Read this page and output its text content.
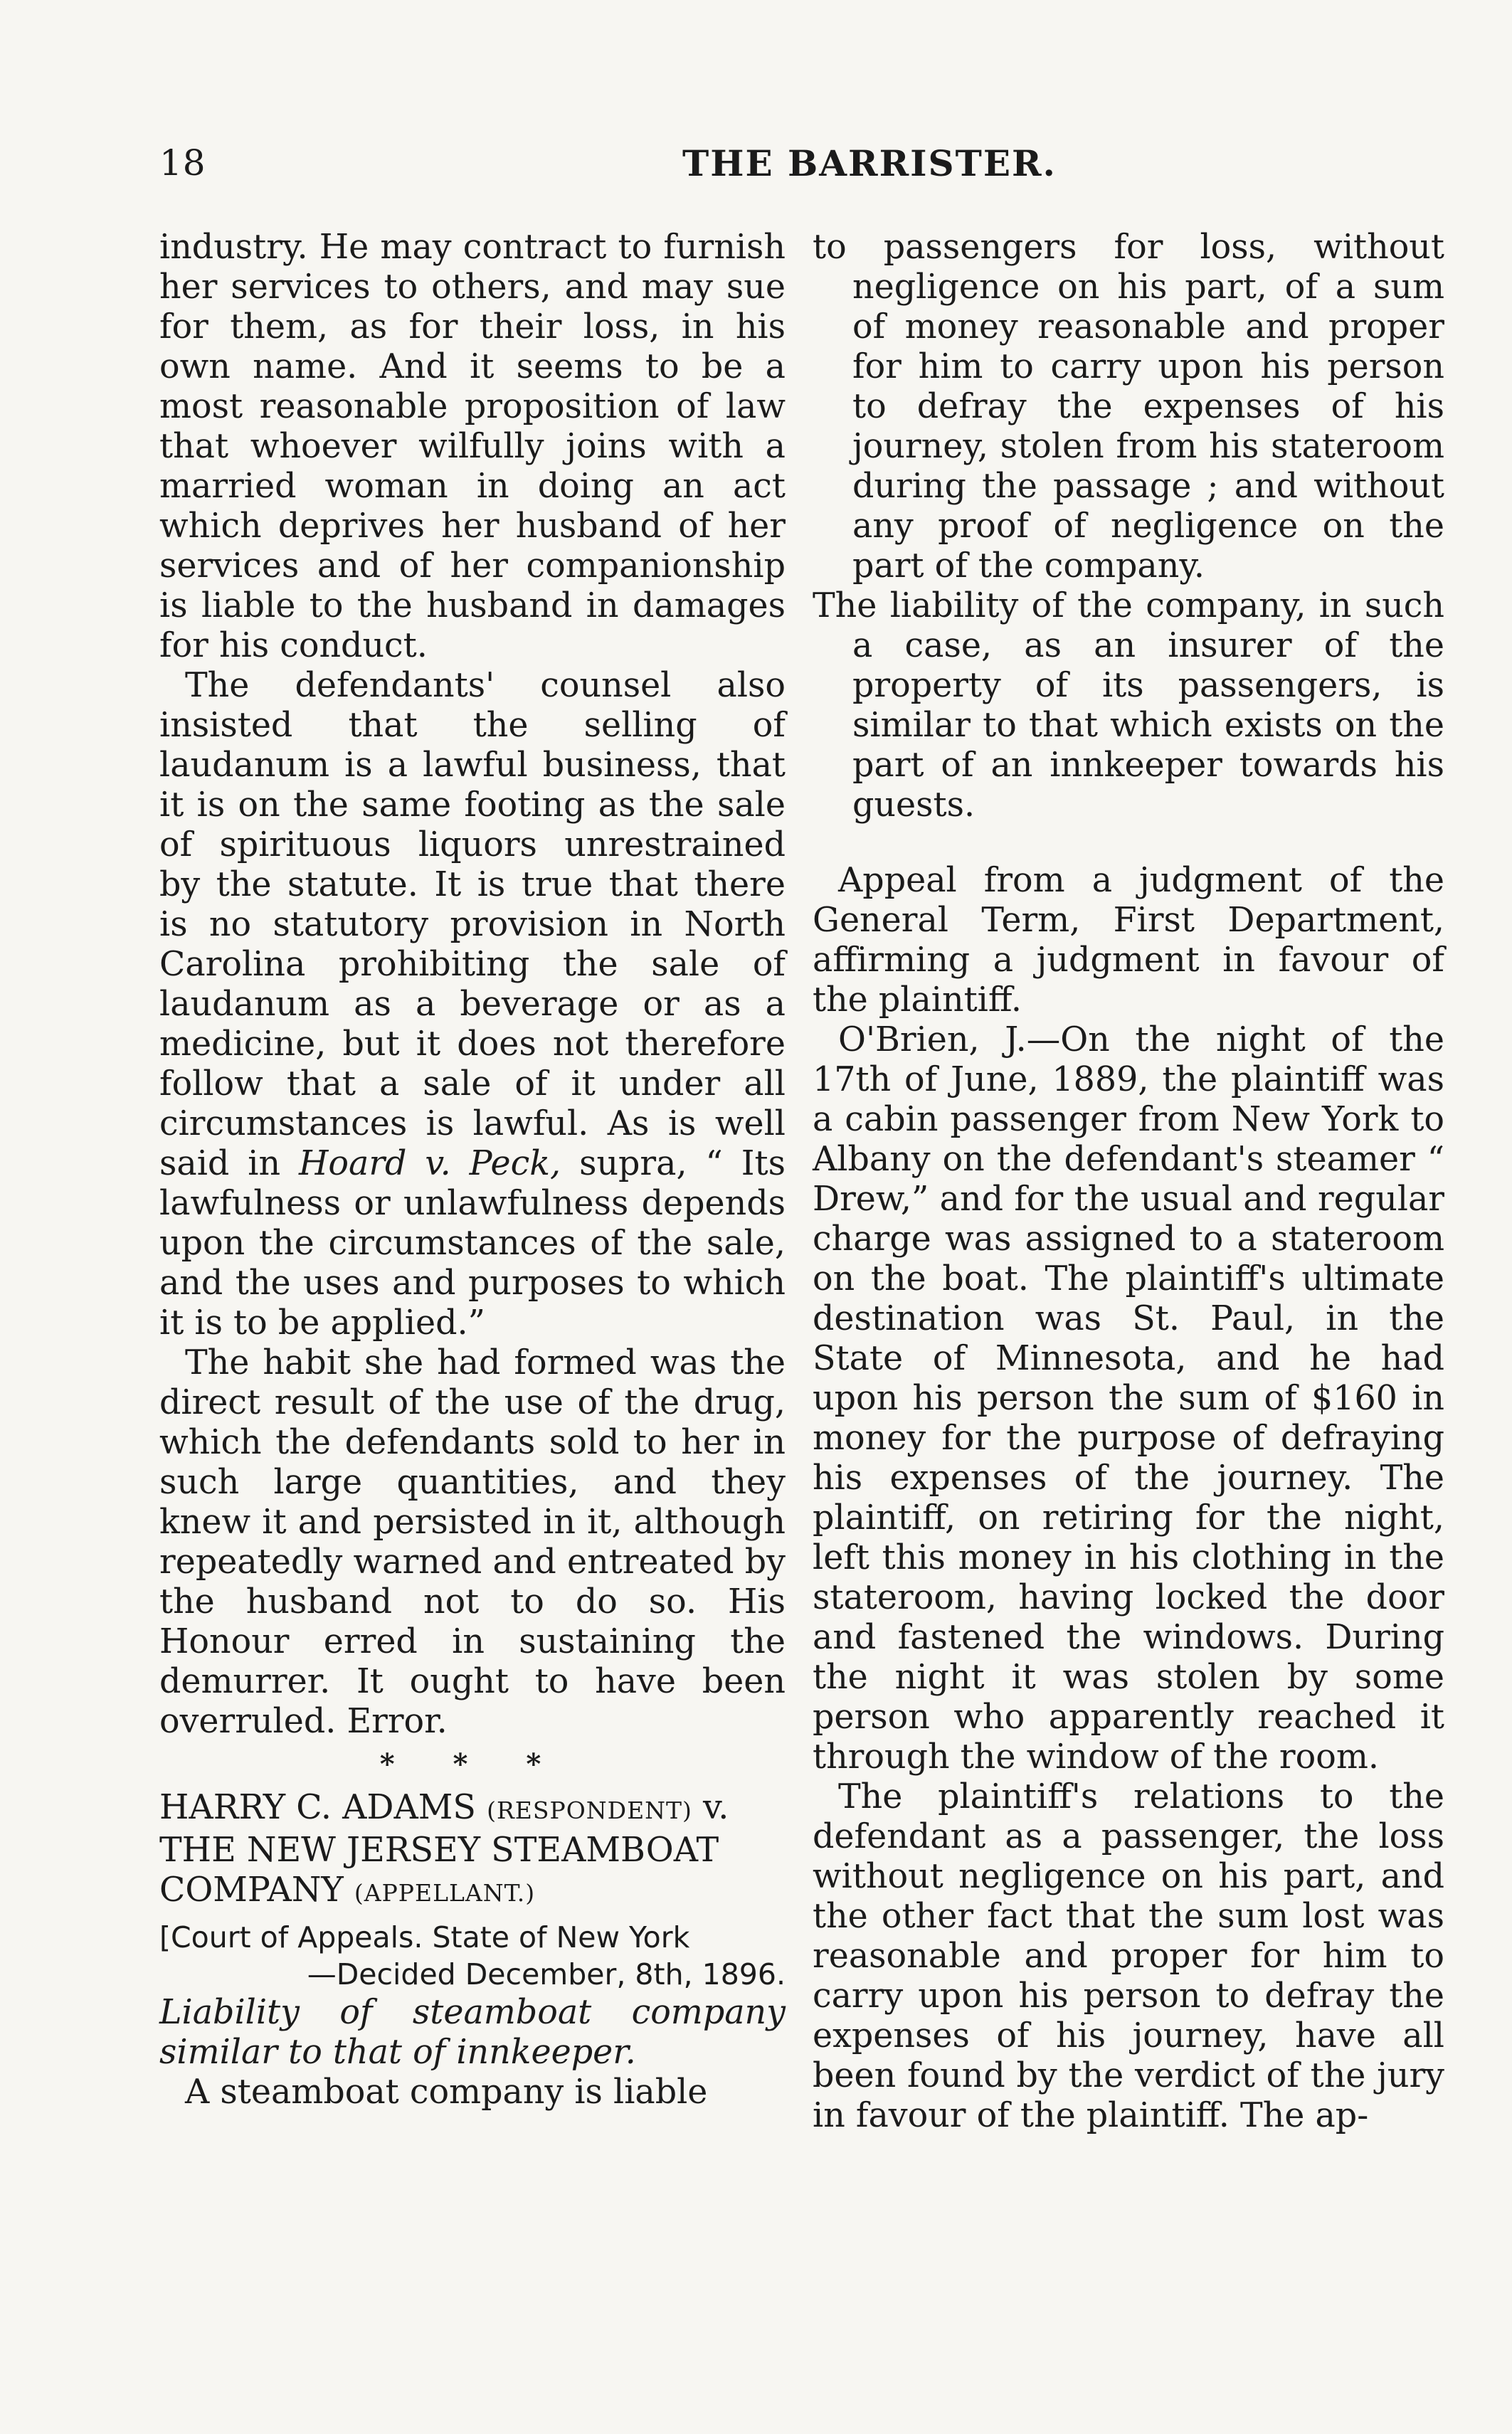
18	THE BARRISTER.

industry. He may contract to furnish her services to others, and may sue for them, as for their loss, in his own name. And it seems to be a most reasonable proposition of law that whoever wilfully joins with a married woman in doing an act which deprives her husband of her services and of her companionship is liable to the husband in damages for his conduct.

The defendants' counsel also insisted that the selling of laudanum is a lawful business, that it is on the same footing as the sale of spirituous liquors unrestrained by the statute. It is true that there is no statutory provision in North Carolina prohibiting the sale of laudanum as a beverage or as a medicine, but it does not therefore follow that a sale of it under all circumstances is lawful. As is well said in Hoard v. Peck, supra, “ Its lawfulness or unlawfulness depends upon the circumstances of the sale, and the uses and purposes to which it is to be applied.”

The habit she had formed was the direct result of the use of the drug, which the defendants sold to her in such large quantities, and they knew it and persisted in it, although repeatedly warned and entreated by the husband not to do so. His Honour erred in sustaining the demurrer. It ought to have been overruled. Error.

* * *

HARRY C. ADAMS (RESPONDENT) v.

THE NEW JERSEY STEAMBOAT

COMPANY (APPELLANT.)

[Court of Appeals. State of New York
—Decided December, 8th, 1896.

Liability of steamboat company similar to that of innkeeper.

A steamboat company is liable

to passengers for loss, without negligence on his part, of a sum of money reasonable and proper for him to carry upon his person to defray the expenses of his journey, stolen from his stateroom during the passage ; and without any proof of negligence on the part of the company.

The liability of the company, in such a case, as an insurer of the property of its passengers, is similar to that which exists on the part of an innkeeper towards his guests.

Appeal from a judgment of the General Term, First Department, affirming a judgment in favour of the plaintiff.

O'Brien, J.—On the night of the 17th of June, 1889, the plaintiff was a cabin passenger from New York to Albany on the defendant's steamer “ Drew,” and for the usual and regular charge was assigned to a stateroom on the boat. The plaintiff's ultimate destination was St. Paul, in the State of Minnesota, and he had upon his person the sum of $160 in money for the purpose of defraying his expenses of the journey. The plaintiff, on retiring for the night, left this money in his clothing in the stateroom, having locked the door and fastened the windows. During the night it was stolen by some person who apparently reached it through the window of the room.

The plaintiff's relations to the defendant as a passenger, the loss without negligence on his part, and the other fact that the sum lost was reasonable and proper for him to carry upon his person to defray the expenses of his journey, have all been found by the verdict of the jury in favour of the plaintiff. The ap-
